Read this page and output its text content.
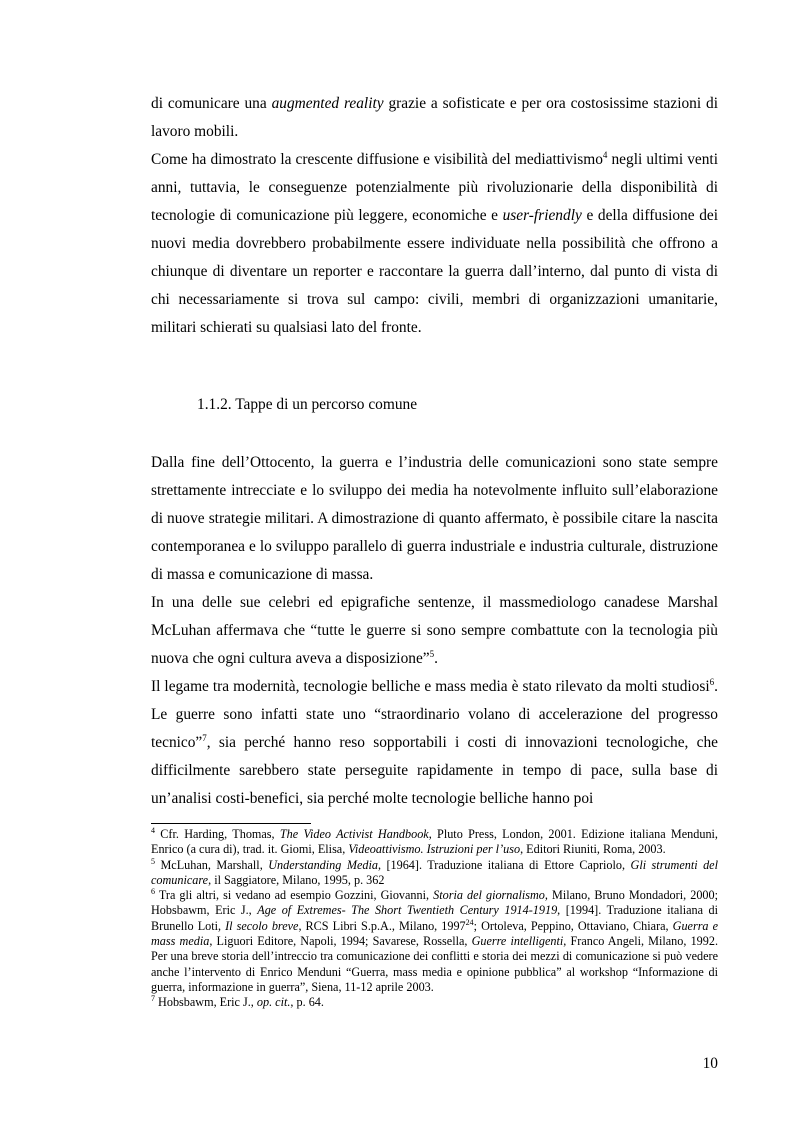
di comunicare una augmented reality grazie a sofisticate e per ora costosissime stazioni di lavoro mobili.

Come ha dimostrato la crescente diffusione e visibilità del mediattivismo$^4$ negli ultimi venti anni, tuttavia, le conseguenze potenzialmente più rivoluzionarie della disponibilità di tecnologie di comunicazione più leggere, economiche e user-friendly e della diffusione dei nuovi media dovrebbero probabilmente essere individuate nella possibilità che offrono a chiunque di diventare un reporter e raccontare la guerra dall’interno, dal punto di vista di chi necessariamente si trova sul campo: civili, membri di organizzazioni umanitarie, militari schierati su qualsiasi lato del fronte.

1.1.2. Tappe di un percorso comune

Dalla fine dell’Ottocento, la guerra e l’industria delle comunicazioni sono state sempre strettamente intrecciate e lo sviluppo dei media ha notevolmente influito sull’elaborazione di nuove strategie militari. A dimostrazione di quanto affermato, è possibile citare la nascita contemporanea e lo sviluppo parallelo di guerra industriale e industria culturale, distruzione di massa e comunicazione di massa.

In una delle sue celebri ed epigrafiche sentenze, il massmediologo canadese Marshal McLuhan affermava che “tutte le guerre si sono sempre combattute con la tecnologia più nuova che ogni cultura aveva a disposizione”$^5$.

Il legame tra modernità, tecnologie belliche e mass media è stato rilevato da molti studiosi$^6$. Le guerre sono infatti state uno “straordinario volano di accelerazione del progresso tecnico”$^7$, sia perché hanno reso sopportabili i costi di innovazioni tecnologiche, che difficilmente sarebbero state perseguite rapidamente in tempo di pace, sulla base di un’analisi costi-benefici, sia perché molte tecnologie belliche hanno poi

$^4$ Cfr. Harding, Thomas, The Video Activist Handbook, Pluto Press, London, 2001. Edizione italiana Menduni, Enrico (a cura di), trad. it. Giomi, Elisa, Videoattivismo. Istruzioni per l’uso, Editori Riuniti, Roma, 2003.

$^5$ McLuhan, Marshall, Understanding Media, [1964]. Traduzione italiana di Ettore Capriolo, Gli strumenti del comunicare, il Saggiatore, Milano, 1995, p. 362

$^6$ Tra gli altri, si vedano ad esempio Gozzini, Giovanni, Storia del giornalismo, Milano, Bruno Mondadori, 2000; Hobsbawm, Eric J., Age of Extremes- The Short Twentieth Century 1914-1919, [1994]. Traduzione italiana di Brunello Loti, Il secolo breve, RCS Libri S.p.A., Milano, 1997$^{24}$; Ortoleva, Peppino, Ottaviano, Chiara, Guerra e mass media, Liguori Editore, Napoli, 1994; Savarese, Rossella, Guerre intelligenti, Franco Angeli, Milano, 1992. Per una breve storia dell’intreccio tra comunicazione dei conflitti e storia dei mezzi di comunicazione si può vedere anche l’intervento di Enrico Menduni “Guerra, mass media e opinione pubblica” al workshop “Informazione di guerra, informazione in guerra”, Siena, 11-12 aprile 2003.

$^7$ Hobsbawm, Eric J., op. cit., p. 64.

10
